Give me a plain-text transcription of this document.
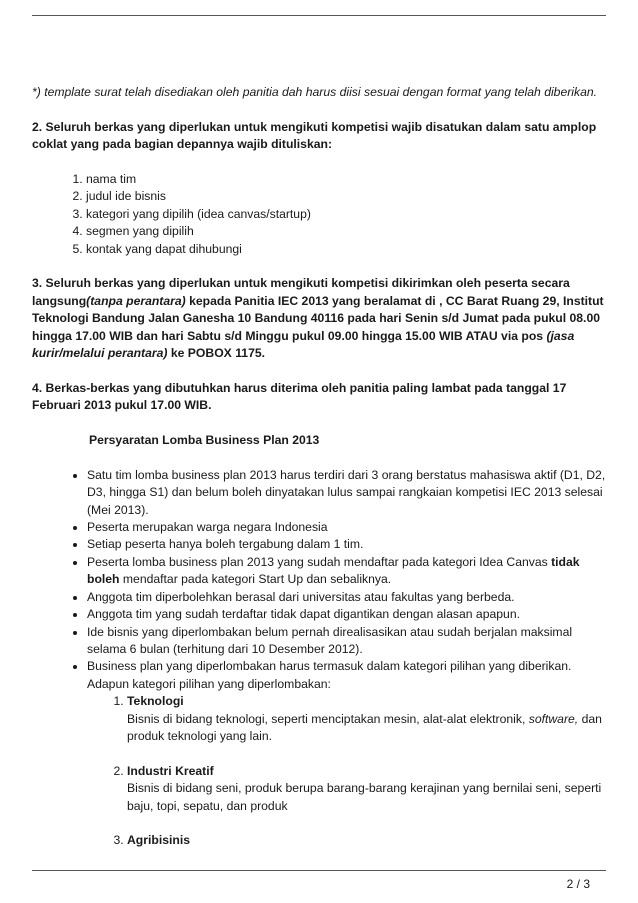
*) template surat telah disediakan oleh panitia dah harus diisi sesuai dengan format yang telah diberikan.

2. Seluruh berkas yang diperlukan untuk mengikuti kompetisi wajib disatukan dalam satu amplop coklat yang pada bagian depannya wajib dituliskan:

1. nama tim
2. judul ide bisnis
3. kategori yang dipilih (idea canvas/startup)
4. segmen yang dipilih
5. kontak yang dapat dihubungi

3. Seluruh berkas yang diperlukan untuk mengikuti kompetisi dikirimkan oleh peserta secara langsung(tanpa perantara) kepada Panitia IEC 2013 yang beralamat di , CC Barat Ruang 29, Institut Teknologi Bandung Jalan Ganesha 10 Bandung 40116 pada hari Senin s/d Jumat pada pukul 08.00 hingga 17.00 WIB dan hari Sabtu s/d Minggu pukul 09.00 hingga 15.00 WIB ATAU via pos (jasa kurir/melalui perantara) ke POBOX 1175.

4. Berkas-berkas yang dibutuhkan harus diterima oleh panitia paling lambat pada tanggal 17 Februari 2013 pukul 17.00 WIB.

Persyaratan Lomba Business Plan 2013

• Satu tim lomba business plan 2013 harus terdiri dari 3 orang berstatus mahasiswa aktif (D1, D2, D3, hingga S1) dan belum boleh dinyatakan lulus sampai rangkaian kompetisi IEC 2013 selesai (Mei 2013).
• Peserta merupakan warga negara Indonesia
• Setiap peserta hanya boleh tergabung dalam 1 tim.
• Peserta lomba business plan 2013 yang sudah mendaftar pada kategori Idea Canvas tidak boleh mendaftar pada kategori Start Up dan sebaliknya.
• Anggota tim diperbolehkan berasal dari universitas atau fakultas yang berbeda.
• Anggota tim yang sudah terdaftar tidak dapat digantikan dengan alasan apapun.
• Ide bisnis yang diperlombakan belum pernah direalisasikan atau sudah berjalan maksimal selama 6 bulan (terhitung dari 10 Desember 2012).
• Business plan yang diperlombakan harus termasuk dalam kategori pilihan yang diberikan. Adapun kategori pilihan yang diperlombakan:
1. Teknologi
Bisnis di bidang teknologi, seperti menciptakan mesin, alat-alat elektronik, software, dan produk teknologi yang lain.
2. Industri Kreatif
Bisnis di bidang seni, produk berupa barang-barang kerajinan yang bernilai seni, seperti baju, topi, sepatu, dan produk
3. Agribisinis
2 / 3
